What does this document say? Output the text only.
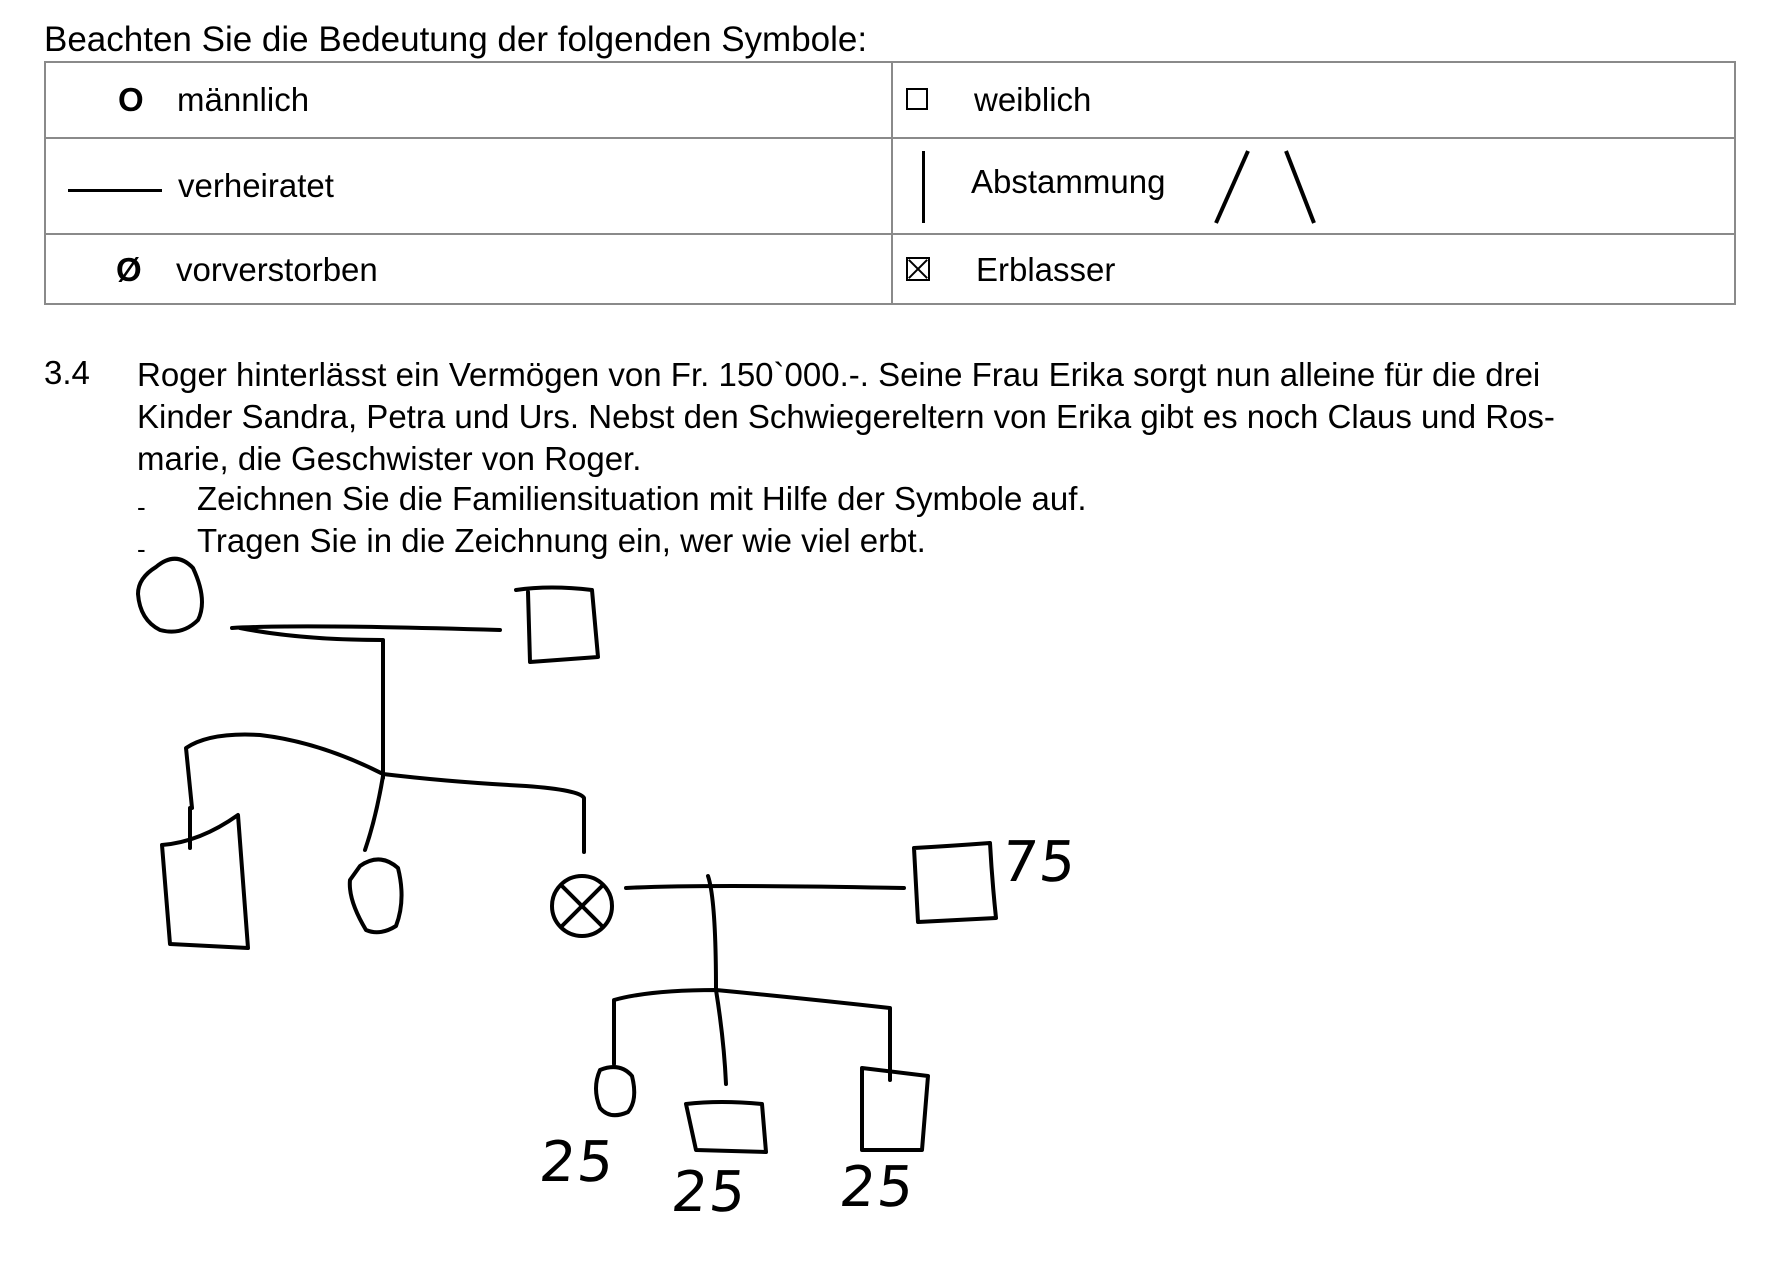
Beachten Sie die Bedeutung der folgenden Symbole:
O männlich	weiblich
verheiratet	Abstammung
Ø vorverstorben	Erblasser
3.4 Roger hinterlässt ein Vermögen von Fr. 150`000.-. Seine Frau Erika sorgt nun alleine für die drei
Kinder Sandra, Petra und Urs. Nebst den Schwiegereltern von Erika gibt es noch Claus und Ros-
marie, die Geschwister von Roger.
- Zeichnen Sie die Familiensituation mit Hilfe der Symbole auf.
- Tragen Sie in die Zeichnung ein, wer wie viel erbt.
75
25 25 25
